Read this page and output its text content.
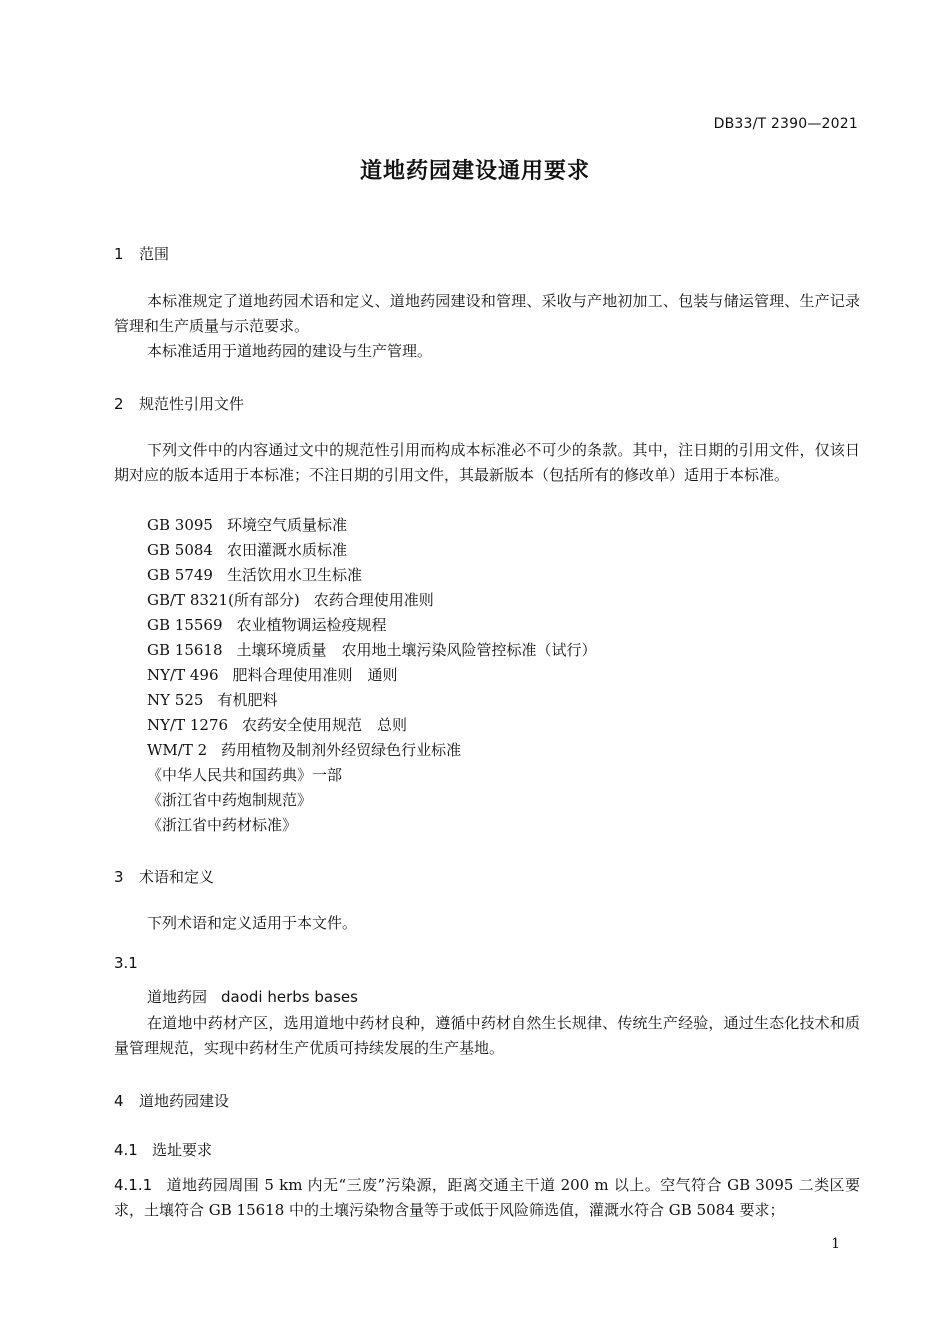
DB33/T 2390—2021
道地药园建设通用要求
1 范围
本标准规定了道地药园术语和定义、道地药园建设和管理、采收与产地初加工、包装与储运管理、生产记录管理和生产质量与示范要求。
本标准适用于道地药园的建设与生产管理。
2 规范性引用文件
下列文件中的内容通过文中的规范性引用而构成本标准必不可少的条款。其中，注日期的引用文件，仅该日期对应的版本适用于本标准；不注日期的引用文件，其最新版本（包括所有的修改单）适用于本标准。
GB 3095 环境空气质量标准
GB 5084 农田灌溉水质标准
GB 5749 生活饮用水卫生标准
GB/T 8321(所有部分) 农药合理使用准则
GB 15569 农业植物调运检疫规程
GB 15618 土壤环境质量　农用地土壤污染风险管控标准（试行）
NY/T 496 肥料合理使用准则　通则
NY 525 有机肥料
NY/T 1276 农药安全使用规范　总则
WM/T 2 药用植物及制剂外经贸绿色行业标准
《中华人民共和国药典》一部
《浙江省中药炮制规范》
《浙江省中药材标准》
3 术语和定义
下列术语和定义适用于本文件。
3.1
道地药园 daodi herbs bases
在道地中药材产区，选用道地中药材良种，遵循中药材自然生长规律、传统生产经验，通过生态化技术和质量管理规范，实现中药材生产优质可持续发展的生产基地。
4 道地药园建设
4.1 选址要求
4.1.1 道地药园周围 5 km 内无“三废”污染源，距离交通主干道 200 m 以上。空气符合 GB 3095 二类区要求，土壤符合 GB 15618 中的土壤污染物含量等于或低于风险筛选值，灌溉水符合 GB 5084 要求；
1
